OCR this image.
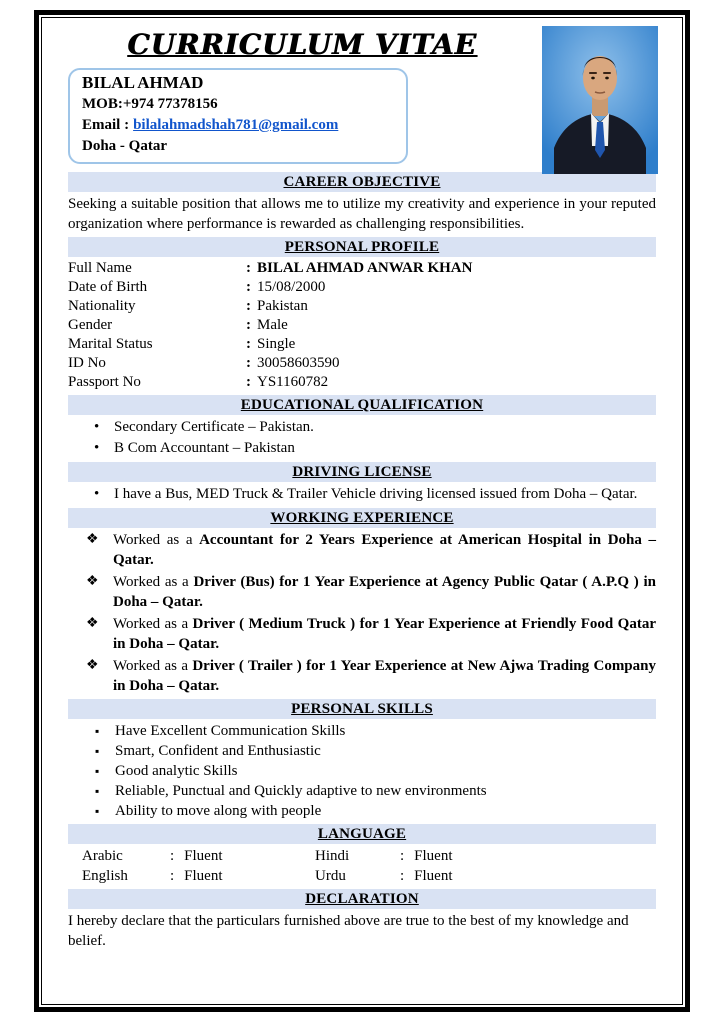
CURRICULUM VITAE
BILAL AHMAD
MOB:+974 77378156
Email : bilalahmadshah781@gmail.com
Doha - Qatar
CAREER OBJECTIVE
Seeking a suitable position that allows me to utilize my creativity and experience in your reputed organization where performance is rewarded as challenging responsibilities.
PERSONAL PROFILE
Full Name	: BILAL AHMAD ANWAR KHAN
Date of Birth	: 15/08/2000
Nationality	: Pakistan
Gender	: Male
Marital Status	: Single
ID No	: 30058603590
Passport No	: YS1160782
EDUCATIONAL QUALIFICATION
• Secondary Certificate – Pakistan.
• B Com Accountant – Pakistan
DRIVING LICENSE
• I have a Bus, MED Truck & Trailer Vehicle driving licensed issued from Doha – Qatar.
WORKING EXPERIENCE
❖ Worked as a Accountant for 2 Years Experience at American Hospital in Doha – Qatar.
❖ Worked as a Driver (Bus) for 1 Year Experience at Agency Public Qatar ( A.P.Q ) in Doha – Qatar.
❖ Worked as a Driver ( Medium Truck ) for 1 Year Experience at Friendly Food Qatar in Doha – Qatar.
❖ Worked as a Driver ( Trailer ) for 1 Year Experience at New Ajwa Trading Company in Doha – Qatar.
PERSONAL SKILLS
▪	Have Excellent Communication Skills
▪	Smart, Confident and Enthusiastic
▪	Good analytic Skills
▪	Reliable, Punctual and Quickly adaptive to new environments
▪	Ability to move along with people
LANGUAGE
Arabic	: Fluent	Hindi	: Fluent
English	: Fluent	Urdu	: Fluent
DECLARATION
I hereby declare that the particulars furnished above are true to the best of my knowledge and belief.
